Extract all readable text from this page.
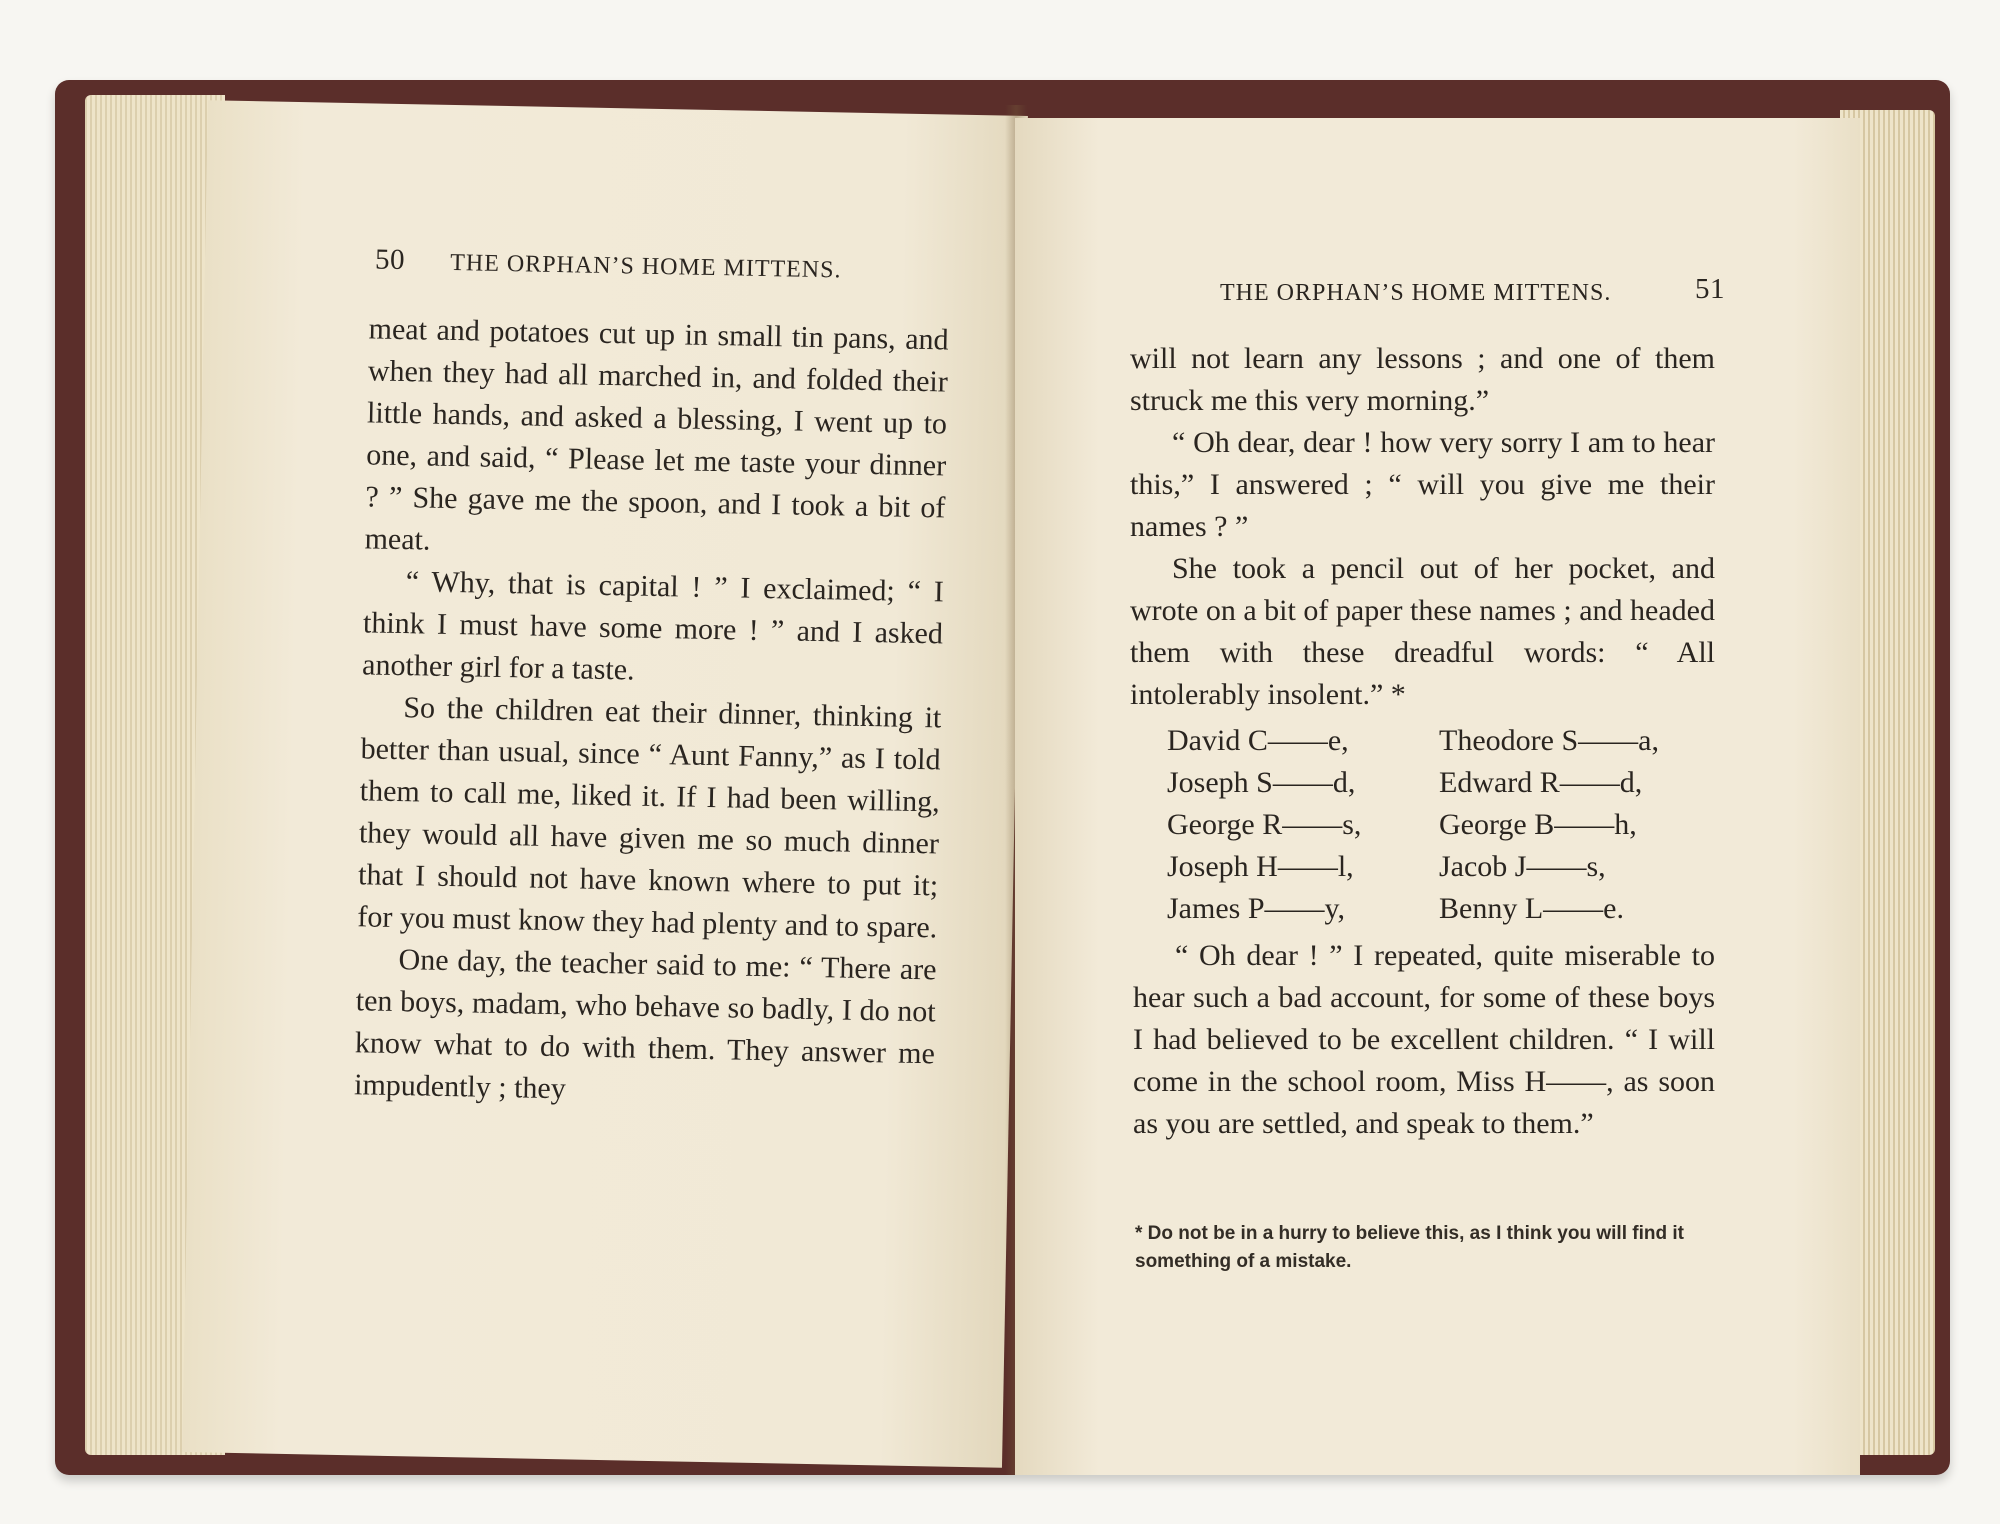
50 THE ORPHAN’S HOME MITTENS.

meat and potatoes cut up in small tin pans, and when they had all marched in, and folded their little hands, and asked a blessing, I went up to one, and said, “ Please let me taste your dinner ? ” She gave me the spoon, and I took a bit of meat.

“ Why, that is capital ! ” I exclaimed; “ I think I must have some more ! ” and I asked another girl for a taste.

So the children eat their dinner, thinking it better than usual, since “ Aunt Fanny,” as I told them to call me, liked it. If I had been willing, they would all have given me so much dinner that I should not have known where to put it; for you must know they had plenty and to spare.

One day, the teacher said to me: “ There are ten boys, madam, who behave so badly, I do not know what to do with them. They answer me impudently ; they

THE ORPHAN’S HOME MITTENS.	51

will not learn any lessons ; and one of them struck me this very morning.”

“ Oh dear, dear ! how very sorry I am to hear this,” I answered ; “ will you give me their names ? ”

She took a pencil out of her pocket, and wrote on a bit of paper these names ; and headed them with these dreadful words: “ All intolerably insolent.” *

David C——e,	Theodore S——a,
Joseph S——d,	Edward R——d,
George R——s,	George B——h,
Joseph H——l,	Jacob J——s,
James P——y,	Benny L——e.

“ Oh dear ! ” I repeated, quite miserable to hear such a bad account, for some of these boys I had believed to be excellent children. “ I will come in the school room, Miss H——, as soon as you are settled, and speak to them.”

* Do not be in a hurry to believe this, as I think you will find it something of a mistake.
